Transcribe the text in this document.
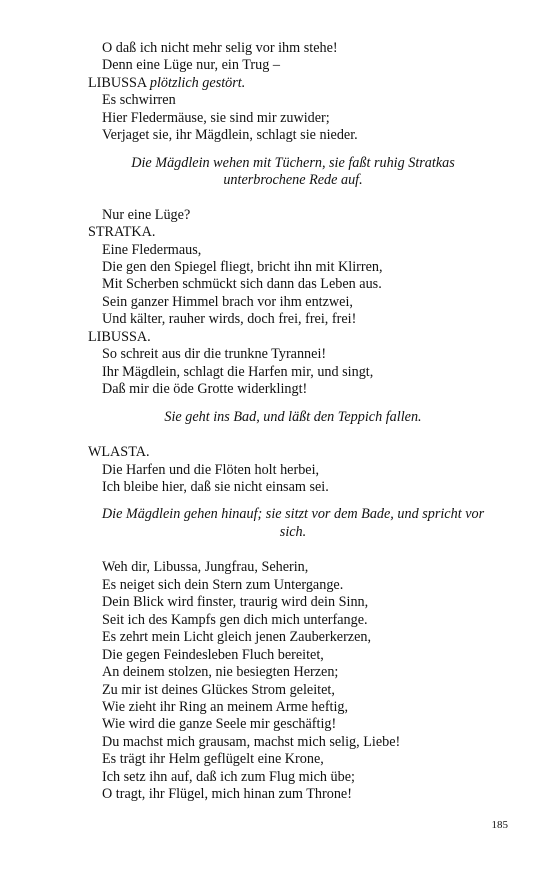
O daß ich nicht mehr selig vor ihm stehe!
Denn eine Lüge nur, ein Trug –
LIBUSSA plötzlich gestört.
Es schwirren
Hier Fledermäuse, sie sind mir zuwider;
Verjaget sie, ihr Mägdlein, schlagt sie nieder.
Die Mägdlein wehen mit Tüchern, sie faßt ruhig Stratkas unterbrochene Rede auf.
Nur eine Lüge?
STRATKA.
Eine Fledermaus,
Die gen den Spiegel fliegt, bricht ihn mit Klirren,
Mit Scherben schmückt sich dann das Leben aus.
Sein ganzer Himmel brach vor ihm entzwei,
Und kälter, rauher wirds, doch frei, frei, frei!
LIBUSSA.
So schreit aus dir die trunkne Tyrannei!
Ihr Mägdlein, schlagt die Harfen mir, und singt,
Daß mir die öde Grotte widerklingt!
Sie geht ins Bad, und läßt den Teppich fallen.
WLASTA.
Die Harfen und die Flöten holt herbei,
Ich bleibe hier, daß sie nicht einsam sei.
Die Mägdlein gehen hinauf; sie sitzt vor dem Bade, und spricht vor sich.
Weh dir, Libussa, Jungfrau, Seherin,
Es neiget sich dein Stern zum Untergange.
Dein Blick wird finster, traurig wird dein Sinn,
Seit ich des Kampfs gen dich mich unterfange.
Es zehrt mein Licht gleich jenen Zauberkerzen,
Die gegen Feindesleben Fluch bereitet,
An deinem stolzen, nie besiegten Herzen;
Zu mir ist deines Glückes Strom geleitet,
Wie zieht ihr Ring an meinem Arme heftig,
Wie wird die ganze Seele mir geschäftig!
Du machst mich grausam, machst mich selig, Liebe!
Es trägt ihr Helm geflügelt eine Krone,
Ich setz ihn auf, daß ich zum Flug mich übe;
O tragt, ihr Flügel, mich hinan zum Throne!
185
